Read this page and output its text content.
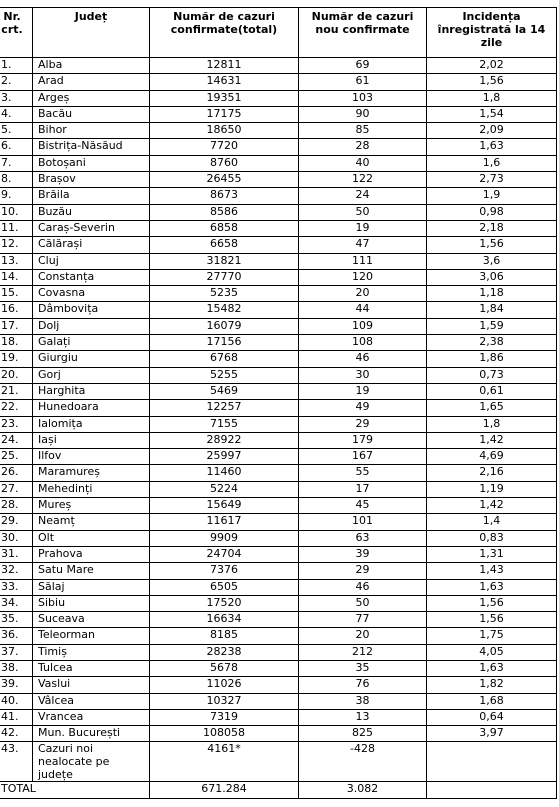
Nr. crt.	Județ	Număr de cazuri confirmate(total)	Număr de cazuri nou confirmate	Incidența înregistrată la 14 zile
1.	Alba	12811	69	2,02
2.	Arad	14631	61	1,56
3.	Argeș	19351	103	1,8
4.	Bacău	17175	90	1,54
5.	Bihor	18650	85	2,09
6.	Bistrița-Năsăud	7720	28	1,63
7.	Botoșani	8760	40	1,6
8.	Brașov	26455	122	2,73
9.	Brăila	8673	24	1,9
10.	Buzău	8586	50	0,98
11.	Caraș-Severin	6858	19	2,18
12.	Călărași	6658	47	1,56
13.	Cluj	31821	111	3,6
14.	Constanța	27770	120	3,06
15.	Covasna	5235	20	1,18
16.	Dâmbovița	15482	44	1,84
17.	Dolj	16079	109	1,59
18.	Galați	17156	108	2,38
19.	Giurgiu	6768	46	1,86
20.	Gorj	5255	30	0,73
21.	Harghita	5469	19	0,61
22.	Hunedoara	12257	49	1,65
23.	Ialomița	7155	29	1,8
24.	Iași	28922	179	1,42
25.	Ilfov	25997	167	4,69
26.	Maramureș	11460	55	2,16
27.	Mehedinți	5224	17	1,19
28.	Mureș	15649	45	1,42
29.	Neamț	11617	101	1,4
30.	Olt	9909	63	0,83
31.	Prahova	24704	39	1,31
32.	Satu Mare	7376	29	1,43
33.	Sălaj	6505	46	1,63
34.	Sibiu	17520	50	1,56
35.	Suceava	16634	77	1,56
36.	Teleorman	8185	20	1,75
37.	Timiș	28238	212	4,05
38.	Tulcea	5678	35	1,63
39.	Vaslui	11026	76	1,82
40.	Vâlcea	10327	38	1,68
41.	Vrancea	7319	13	0,64
42.	Mun. București	108058	825	3,97
43.	Cazuri noi nealocate pe județe	4161*	-428	
TOTAL		671.284	3.082	
